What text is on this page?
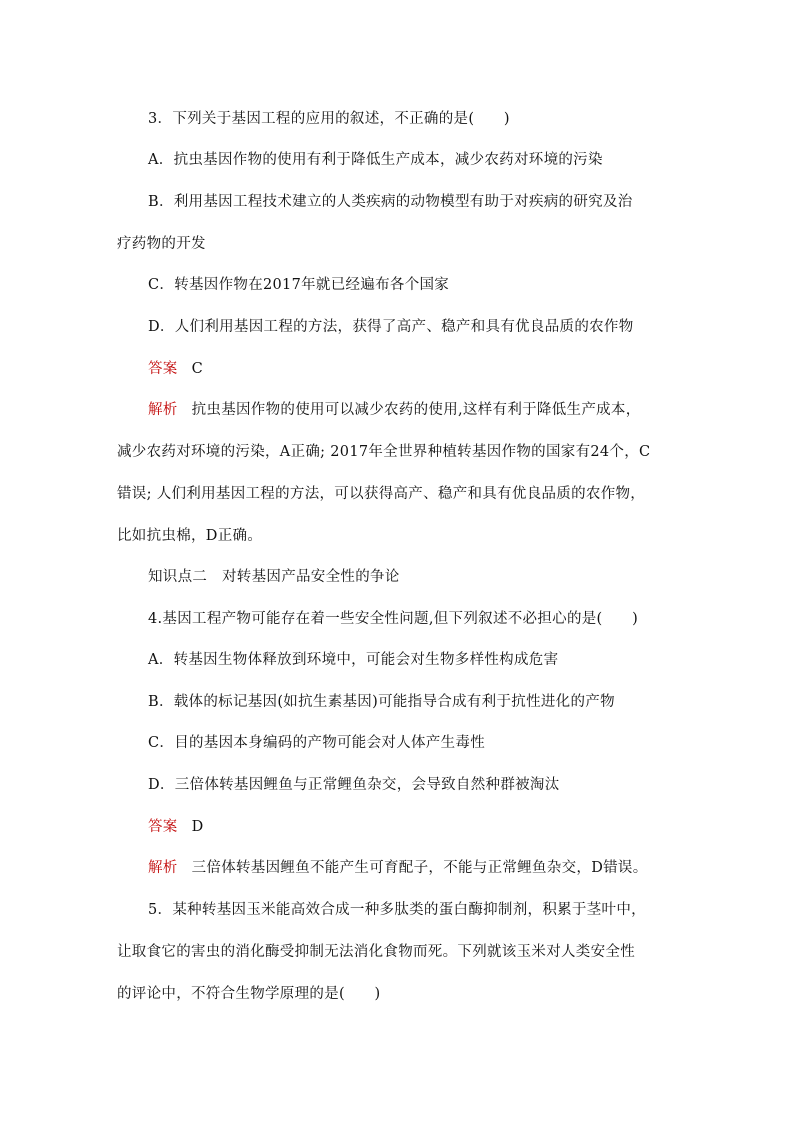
3．下列关于基因工程的应用的叙述，不正确的是(　　)
A．抗虫基因作物的使用有利于降低生产成本，减少农药对环境的污染
B．利用基因工程技术建立的人类疾病的动物模型有助于对疾病的研究及治
疗药物的开发
C．转基因作物在2017年就已经遍布各个国家
D．人们利用基因工程的方法，获得了高产、稳产和具有优良品质的农作物
答案 C
解析 抗虫基因作物的使用可以减少农药的使用,这样有利于降低生产成本，
减少农药对环境的污染，A正确; 2017年全世界种植转基因作物的国家有24个，C
错误; 人们利用基因工程的方法，可以获得高产、稳产和具有优良品质的农作物，
比如抗虫棉，D正确。
知识点二　对转基因产品安全性的争论
4.基因工程产物可能存在着一些安全性问题,但下列叙述不必担心的是(　　)
A．转基因生物体释放到环境中，可能会对生物多样性构成危害
B．载体的标记基因(如抗生素基因)可能指导合成有利于抗性进化的产物
C．目的基因本身编码的产物可能会对人体产生毒性
D．三倍体转基因鲤鱼与正常鲤鱼杂交，会导致自然种群被淘汰
答案 D
解析 三倍体转基因鲤鱼不能产生可育配子，不能与正常鲤鱼杂交，D错误。
5．某种转基因玉米能高效合成一种多肽类的蛋白酶抑制剂，积累于茎叶中，
让取食它的害虫的消化酶受抑制无法消化食物而死。下列就该玉米对人类安全性
的评论中，不符合生物学原理的是(　　)
